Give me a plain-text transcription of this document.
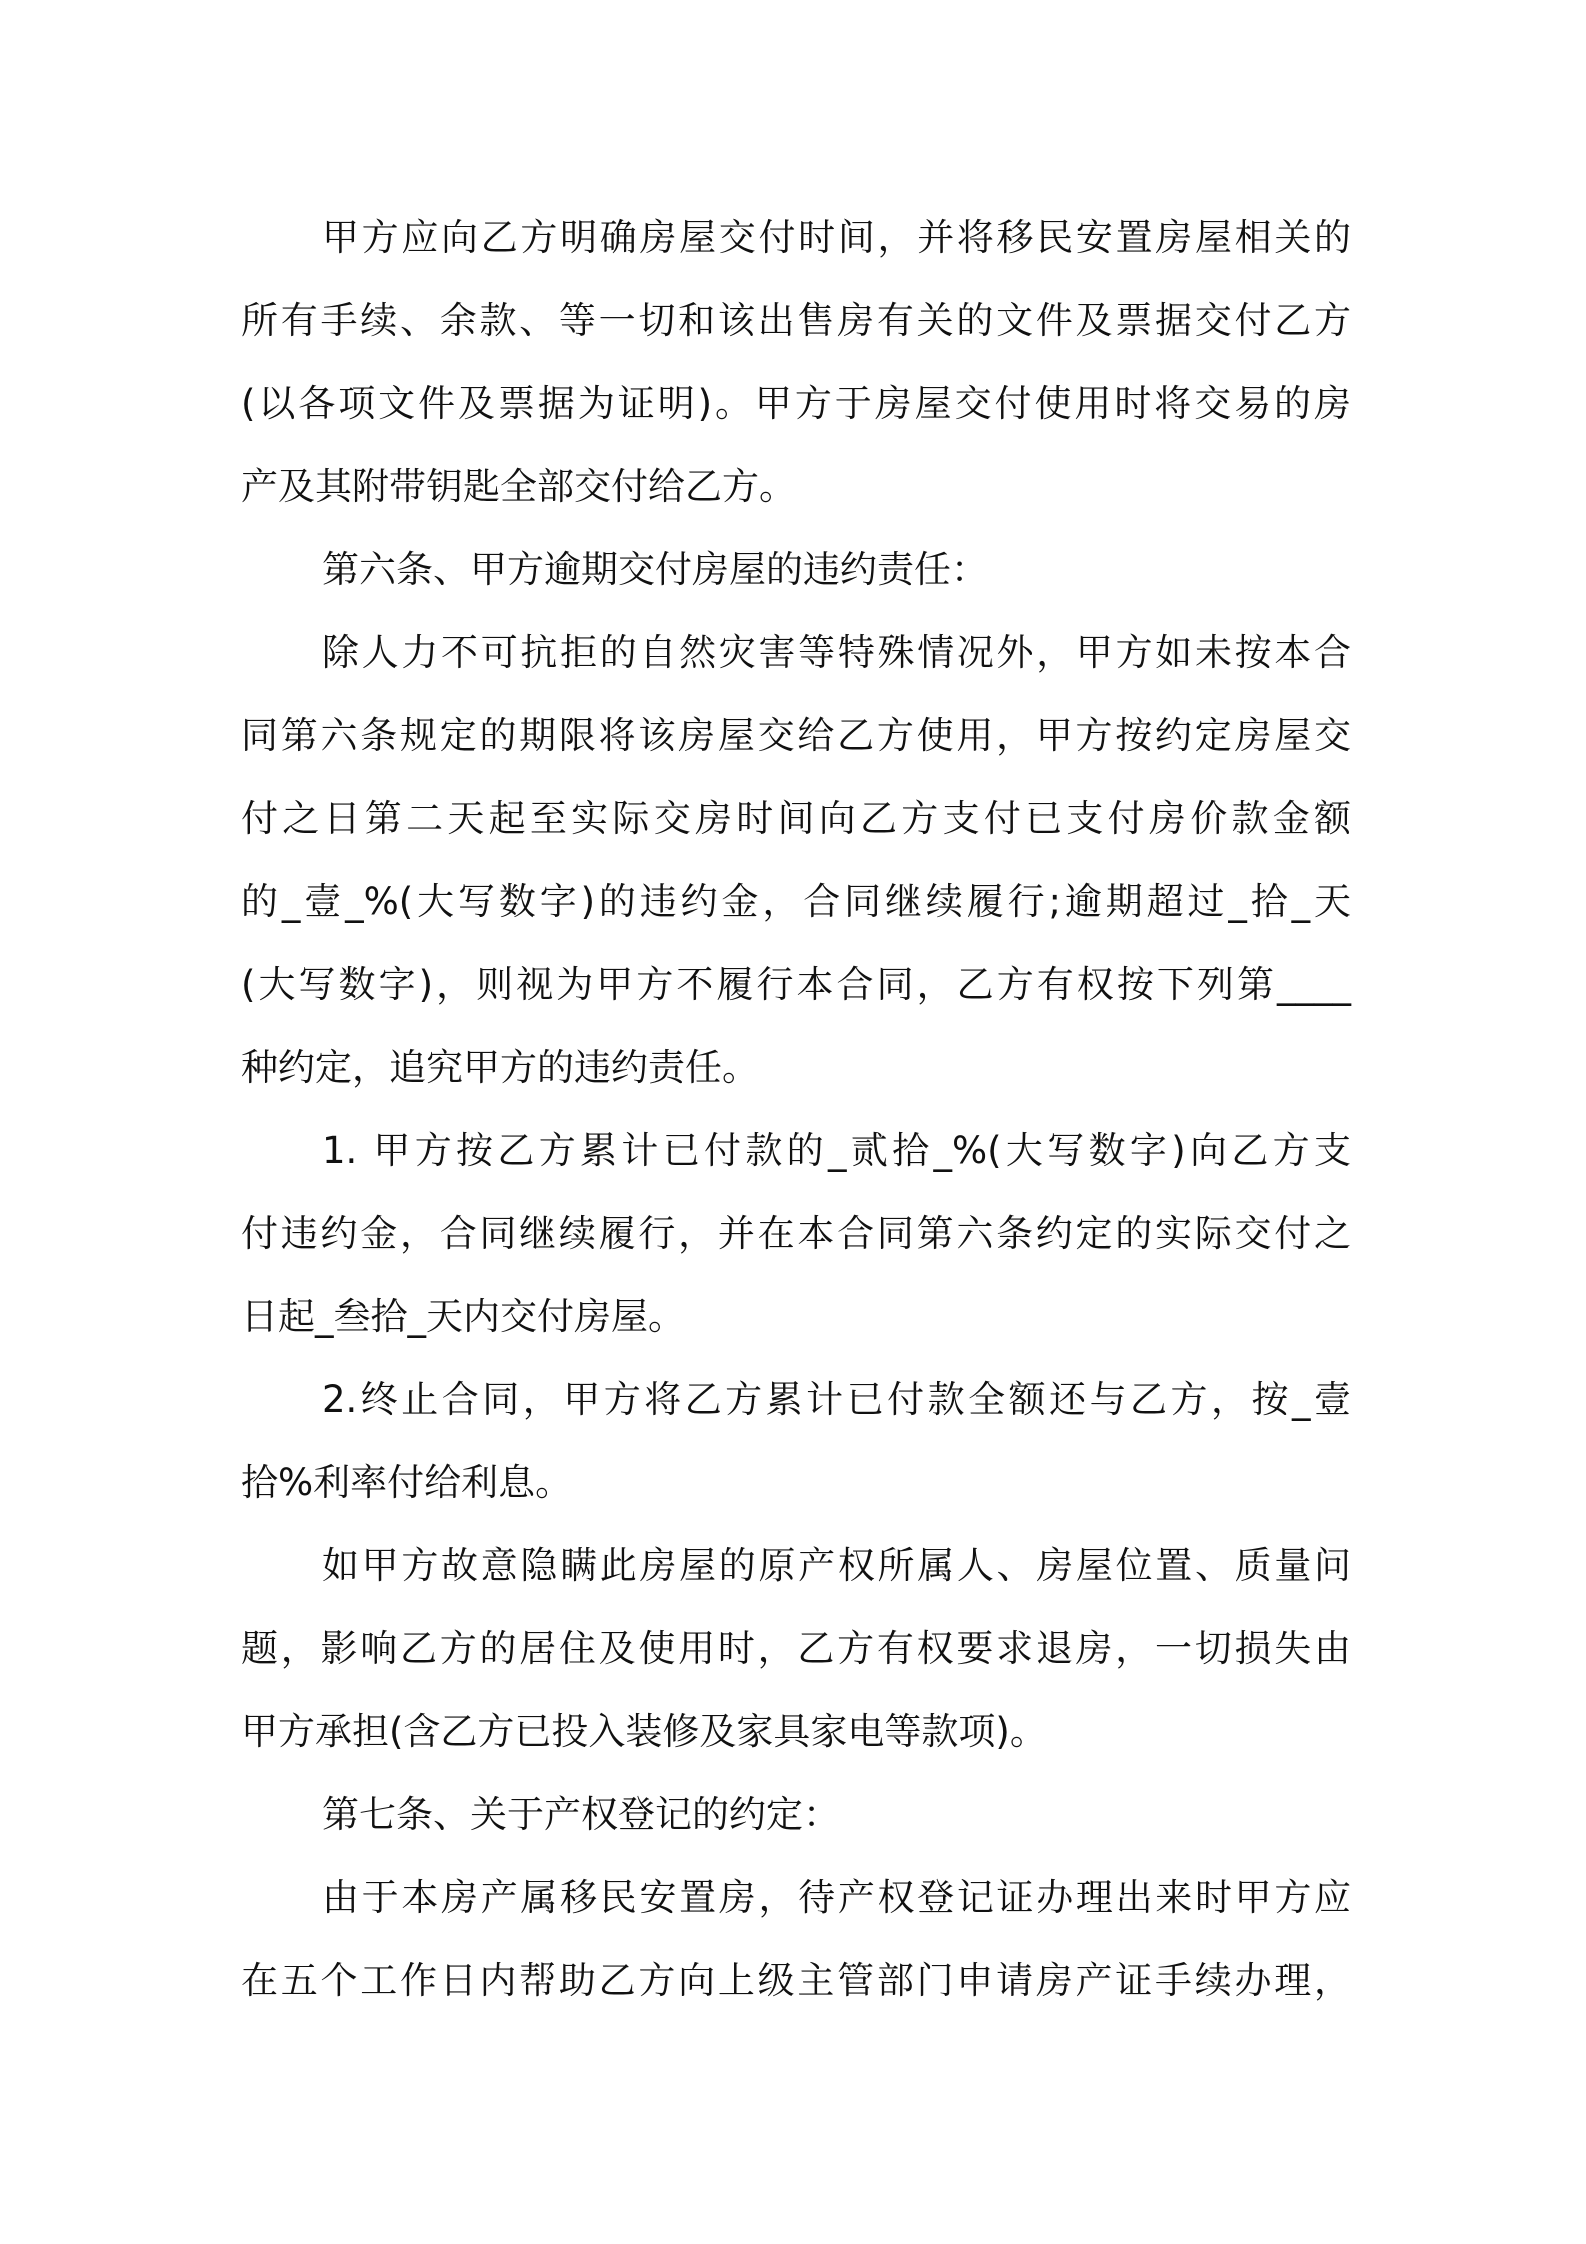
甲方应向乙方明确房屋交付时间，并将移民安置房屋相关的
所有手续、余款、等一切和该出售房有关的文件及票据交付乙方
(以各项文件及票据为证明)。甲方于房屋交付使用时将交易的房
产及其附带钥匙全部交付给乙方。
第六条、甲方逾期交付房屋的违约责任：
除人力不可抗拒的自然灾害等特殊情况外，甲方如未按本合
同第六条规定的期限将该房屋交给乙方使用，甲方按约定房屋交
付之日第二天起至实际交房时间向乙方支付已支付房价款金额
的_壹_%(大写数字)的违约金，合同继续履行;逾期超过_拾_天
(大写数字)，则视为甲方不履行本合同，乙方有权按下列第____
种约定，追究甲方的违约责任。
1. 甲方按乙方累计已付款的_贰拾_%(大写数字)向乙方支
付违约金，合同继续履行，并在本合同第六条约定的实际交付之
日起_叁拾_天内交付房屋。
2.终止合同，甲方将乙方累计已付款全额还与乙方，按_壹
拾%利率付给利息。
如甲方故意隐瞒此房屋的原产权所属人、房屋位置、质量问
题，影响乙方的居住及使用时，乙方有权要求退房，一切损失由
甲方承担(含乙方已投入装修及家具家电等款项)。
第七条、关于产权登记的约定：
由于本房产属移民安置房，待产权登记证办理出来时甲方应
在五个工作日内帮助乙方向上级主管部门申请房产证手续办理，
